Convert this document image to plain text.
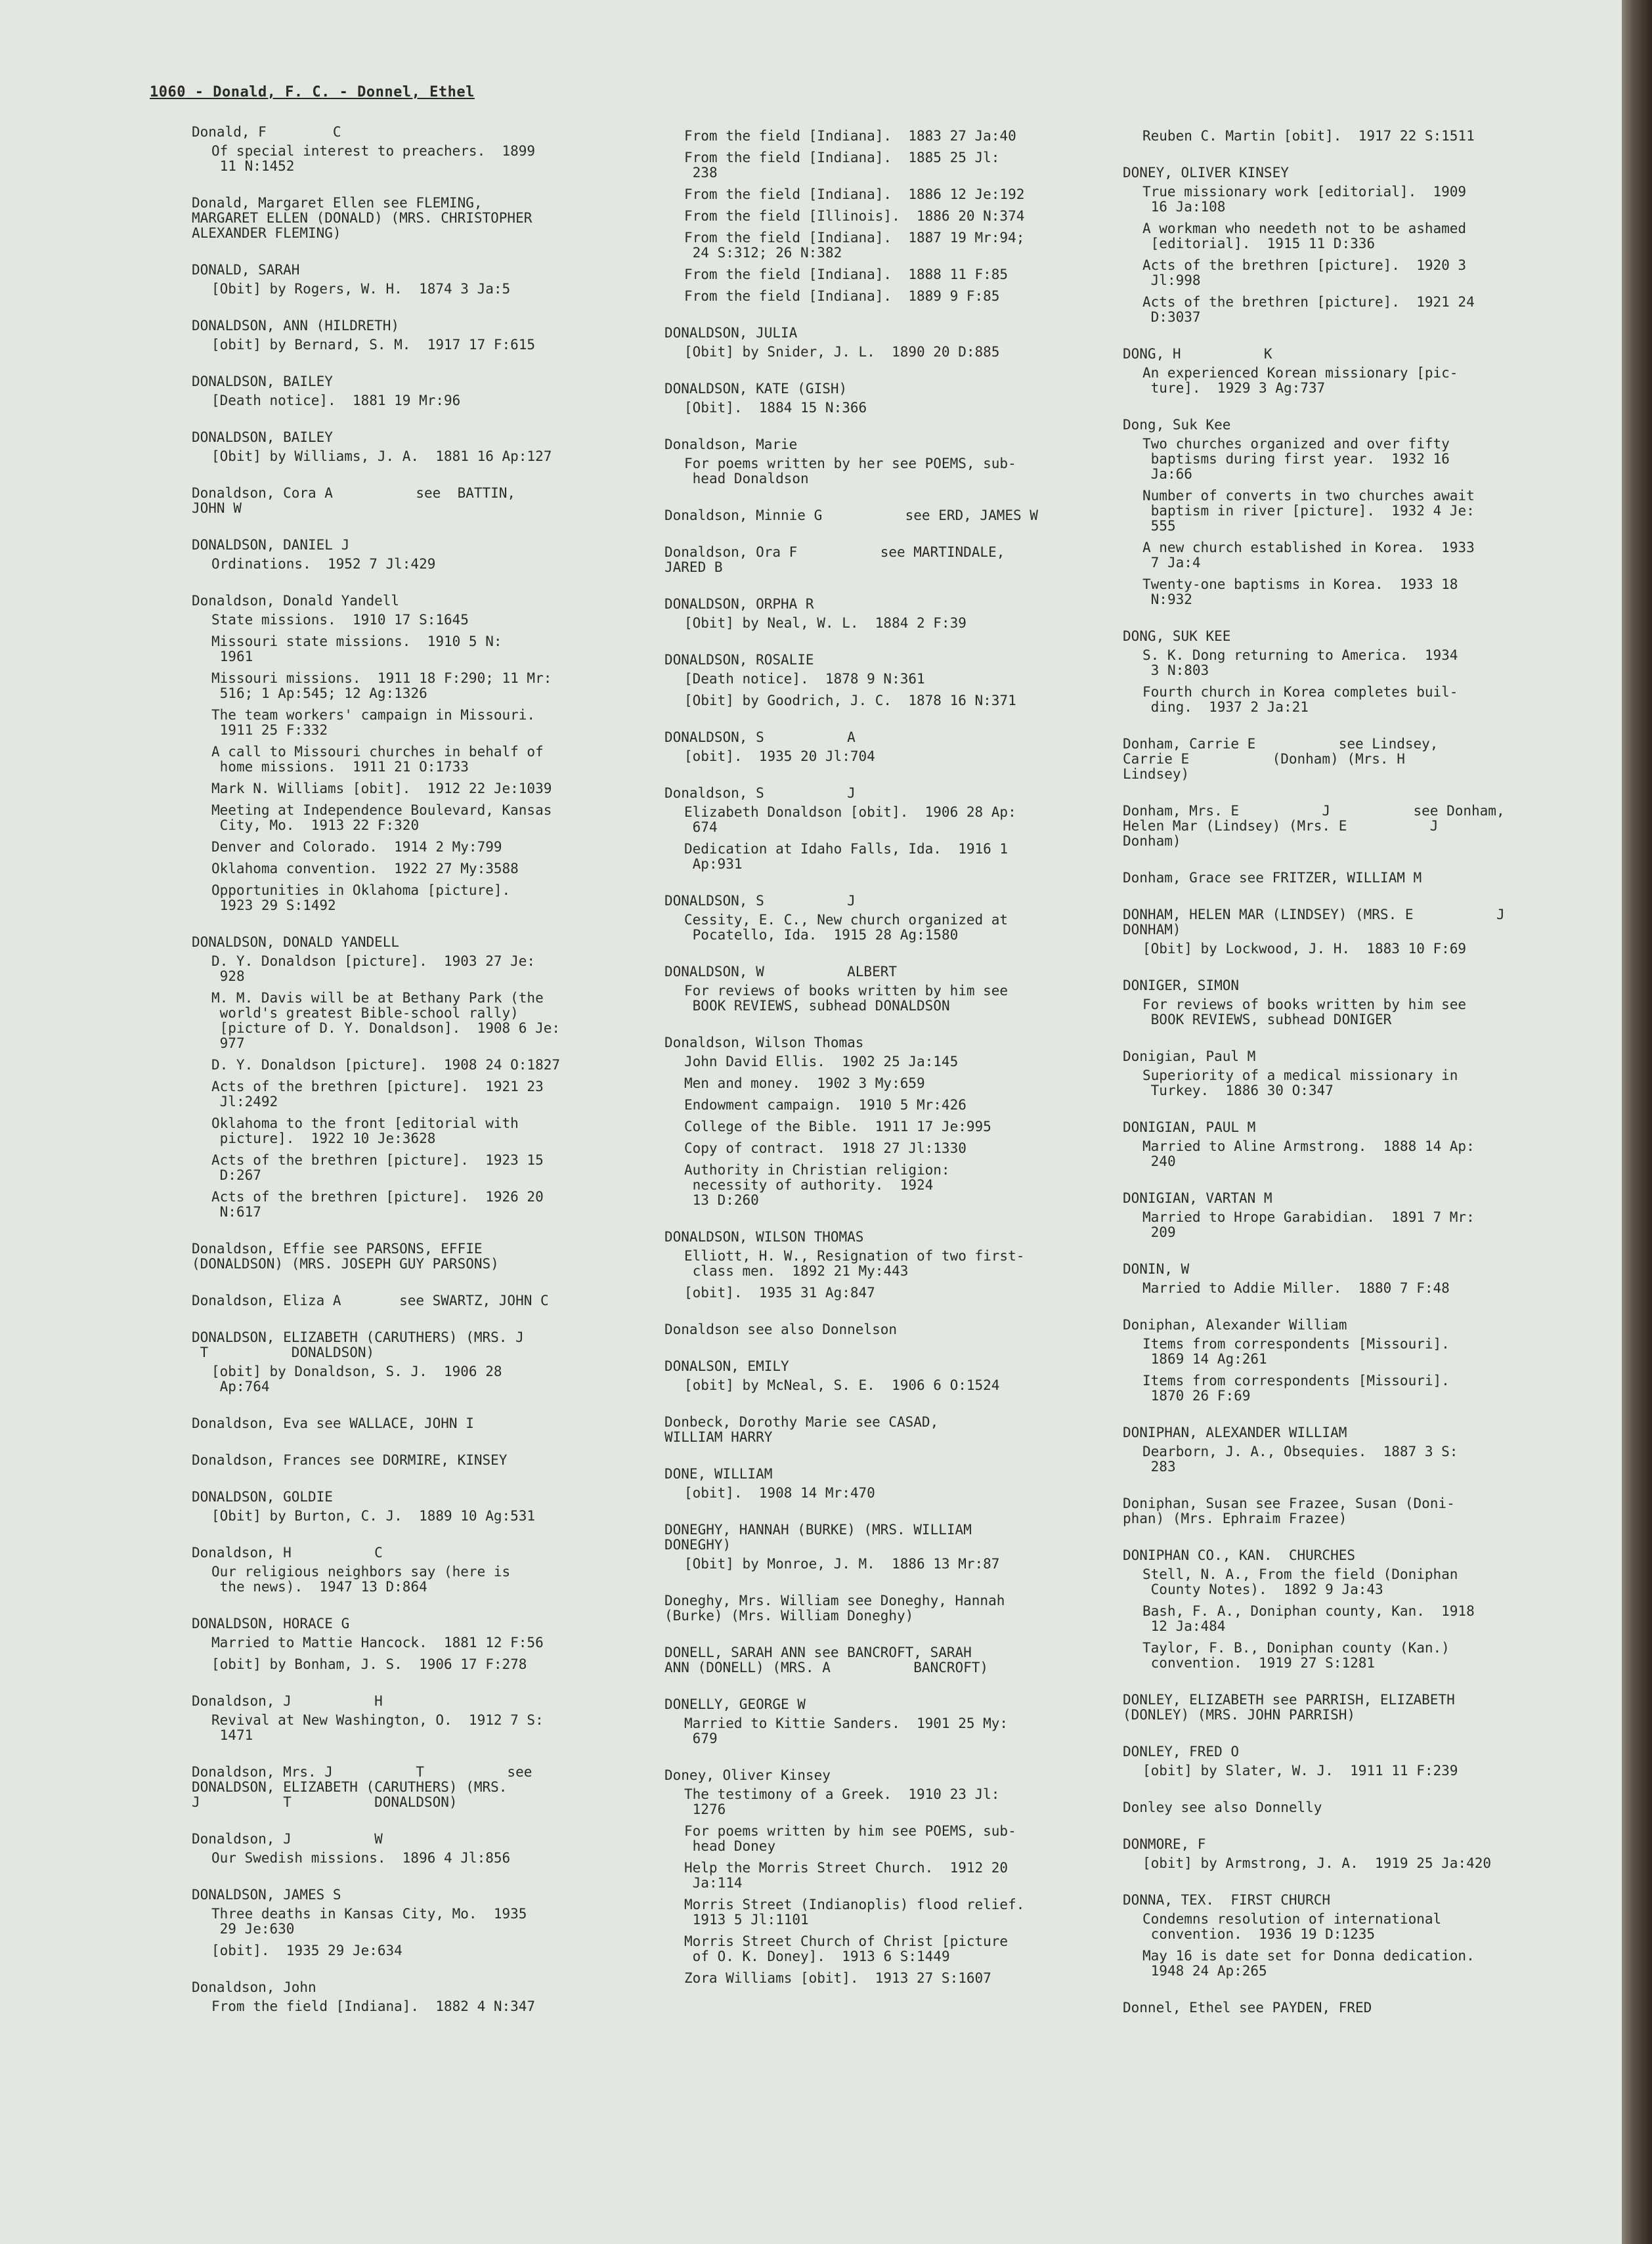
1060 - Donald, F. C. - Donnel, Ethel
Donald, F        C
Of special interest to preachers.  1899
11 N:1452
Donald, Margaret Ellen see FLEMING,
MARGARET ELLEN (DONALD) (MRS. CHRISTOPHER
ALEXANDER FLEMING)
DONALD, SARAH
[Obit] by Rogers, W. H.  1874 3 Ja:5
DONALDSON, ANN (HILDRETH)
[obit] by Bernard, S. M.  1917 17 F:615
DONALDSON, BAILEY
[Death notice].  1881 19 Mr:96
DONALDSON, BAILEY
[Obit] by Williams, J. A.  1881 16 Ap:127
Donaldson, Cora A          see  BATTIN,
JOHN W
DONALDSON, DANIEL J
Ordinations.  1952 7 Jl:429
Donaldson, Donald Yandell
State missions.  1910 17 S:1645
Missouri state missions.  1910 5 N:
1961
Missouri missions.  1911 18 F:290; 11 Mr:
516; 1 Ap:545; 12 Ag:1326
The team workers' campaign in Missouri.
1911 25 F:332
A call to Missouri churches in behalf of
home missions.  1911 21 O:1733
Mark N. Williams [obit].  1912 22 Je:1039
Meeting at Independence Boulevard, Kansas
City, Mo.  1913 22 F:320
Denver and Colorado.  1914 2 My:799
Oklahoma convention.  1922 27 My:3588
Opportunities in Oklahoma [picture].
1923 29 S:1492
DONALDSON, DONALD YANDELL
D. Y. Donaldson [picture].  1903 27 Je:
928
M. M. Davis will be at Bethany Park (the
world's greatest Bible-school rally)
[picture of D. Y. Donaldson].  1908 6 Je:
977
D. Y. Donaldson [picture].  1908 24 O:1827
Acts of the brethren [picture].  1921 23
Jl:2492
Oklahoma to the front [editorial with
picture].  1922 10 Je:3628
Acts of the brethren [picture].  1923 15
D:267
Acts of the brethren [picture].  1926 20
N:617
Donaldson, Effie see PARSONS, EFFIE
(DONALDSON) (MRS. JOSEPH GUY PARSONS)
Donaldson, Eliza A       see SWARTZ, JOHN C
DONALDSON, ELIZABETH (CARUTHERS) (MRS. J
T          DONALDSON)
[obit] by Donaldson, S. J.  1906 28
Ap:764
Donaldson, Eva see WALLACE, JOHN I
Donaldson, Frances see DORMIRE, KINSEY
DONALDSON, GOLDIE
[Obit] by Burton, C. J.  1889 10 Ag:531
Donaldson, H          C
Our religious neighbors say (here is
the news).  1947 13 D:864
DONALDSON, HORACE G
Married to Mattie Hancock.  1881 12 F:56
[obit] by Bonham, J. S.  1906 17 F:278
Donaldson, J          H
Revival at New Washington, O.  1912 7 S:
1471
Donaldson, Mrs. J          T          see
DONALDSON, ELIZABETH (CARUTHERS) (MRS.
J          T          DONALDSON)
Donaldson, J          W
Our Swedish missions.  1896 4 Jl:856
DONALDSON, JAMES S
Three deaths in Kansas City, Mo.  1935
29 Je:630
[obit].  1935 29 Je:634
Donaldson, John
From the field [Indiana].  1882 4 N:347
From the field [Indiana].  1883 27 Ja:40
From the field [Indiana].  1885 25 Jl:
238
From the field [Indiana].  1886 12 Je:192
From the field [Illinois].  1886 20 N:374
From the field [Indiana].  1887 19 Mr:94;
24 S:312; 26 N:382
From the field [Indiana].  1888 11 F:85
From the field [Indiana].  1889 9 F:85
DONALDSON, JULIA
[Obit] by Snider, J. L.  1890 20 D:885
DONALDSON, KATE (GISH)
[Obit].  1884 15 N:366
Donaldson, Marie
For poems written by her see POEMS, sub-
head Donaldson
Donaldson, Minnie G          see ERD, JAMES W
Donaldson, Ora F          see MARTINDALE,
JARED B
DONALDSON, ORPHA R
[Obit] by Neal, W. L.  1884 2 F:39
DONALDSON, ROSALIE
[Death notice].  1878 9 N:361
[Obit] by Goodrich, J. C.  1878 16 N:371
DONALDSON, S          A
[obit].  1935 20 Jl:704
Donaldson, S          J
Elizabeth Donaldson [obit].  1906 28 Ap:
674
Dedication at Idaho Falls, Ida.  1916 1
Ap:931
DONALDSON, S          J
Cessity, E. C., New church organized at
Pocatello, Ida.  1915 28 Ag:1580
DONALDSON, W          ALBERT
For reviews of books written by him see
BOOK REVIEWS, subhead DONALDSON
Donaldson, Wilson Thomas
John David Ellis.  1902 25 Ja:145
Men and money.  1902 3 My:659
Endowment campaign.  1910 5 Mr:426
College of the Bible.  1911 17 Je:995
Copy of contract.  1918 27 Jl:1330
Authority in Christian religion:
necessity of authority.  1924
13 D:260
DONALDSON, WILSON THOMAS
Elliott, H. W., Resignation of two first-
class men.  1892 21 My:443
[obit].  1935 31 Ag:847
Donaldson see also Donnelson
DONALSON, EMILY
[obit] by McNeal, S. E.  1906 6 O:1524
Donbeck, Dorothy Marie see CASAD,
WILLIAM HARRY
DONE, WILLIAM
[obit].  1908 14 Mr:470
DONEGHY, HANNAH (BURKE) (MRS. WILLIAM
DONEGHY)
[Obit] by Monroe, J. M.  1886 13 Mr:87
Doneghy, Mrs. William see Doneghy, Hannah
(Burke) (Mrs. William Doneghy)
DONELL, SARAH ANN see BANCROFT, SARAH
ANN (DONELL) (MRS. A          BANCROFT)
DONELLY, GEORGE W
Married to Kittie Sanders.  1901 25 My:
679
Doney, Oliver Kinsey
The testimony of a Greek.  1910 23 Jl:
1276
For poems written by him see POEMS, sub-
head Doney
Help the Morris Street Church.  1912 20
Ja:114
Morris Street (Indianoplis) flood relief.
1913 5 Jl:1101
Morris Street Church of Christ [picture
of O. K. Doney].  1913 6 S:1449
Zora Williams [obit].  1913 27 S:1607
Reuben C. Martin [obit].  1917 22 S:1511
DONEY, OLIVER KINSEY
True missionary work [editorial].  1909
16 Ja:108
A workman who needeth not to be ashamed
[editorial].  1915 11 D:336
Acts of the brethren [picture].  1920 3
Jl:998
Acts of the brethren [picture].  1921 24
D:3037
DONG, H          K
An experienced Korean missionary [pic-
ture].  1929 3 Ag:737
Dong, Suk Kee
Two churches organized and over fifty
baptisms during first year.  1932 16
Ja:66
Number of converts in two churches await
baptism in river [picture].  1932 4 Je:
555
A new church established in Korea.  1933
7 Ja:4
Twenty-one baptisms in Korea.  1933 18
N:932
DONG, SUK KEE
S. K. Dong returning to America.  1934
3 N:803
Fourth church in Korea completes buil-
ding.  1937 2 Ja:21
Donham, Carrie E          see Lindsey,
Carrie E          (Donham) (Mrs. H
Lindsey)
Donham, Mrs. E          J          see Donham,
Helen Mar (Lindsey) (Mrs. E          J
Donham)
Donham, Grace see FRITZER, WILLIAM M
DONHAM, HELEN MAR (LINDSEY) (MRS. E          J
DONHAM)
[Obit] by Lockwood, J. H.  1883 10 F:69
DONIGER, SIMON
For reviews of books written by him see
BOOK REVIEWS, subhead DONIGER
Donigian, Paul M
Superiority of a medical missionary in
Turkey.  1886 30 O:347
DONIGIAN, PAUL M
Married to Aline Armstrong.  1888 14 Ap:
240
DONIGIAN, VARTAN M
Married to Hrope Garabidian.  1891 7 Mr:
209
DONIN, W
Married to Addie Miller.  1880 7 F:48
Doniphan, Alexander William
Items from correspondents [Missouri].
1869 14 Ag:261
Items from correspondents [Missouri].
1870 26 F:69
DONIPHAN, ALEXANDER WILLIAM
Dearborn, J. A., Obsequies.  1887 3 S:
283
Doniphan, Susan see Frazee, Susan (Doni-
phan) (Mrs. Ephraim Frazee)
DONIPHAN CO., KAN.  CHURCHES
Stell, N. A., From the field (Doniphan
County Notes).  1892 9 Ja:43
Bash, F. A., Doniphan county, Kan.  1918
12 Ja:484
Taylor, F. B., Doniphan county (Kan.)
convention.  1919 27 S:1281
DONLEY, ELIZABETH see PARRISH, ELIZABETH
(DONLEY) (MRS. JOHN PARRISH)
DONLEY, FRED O
[obit] by Slater, W. J.  1911 11 F:239
Donley see also Donnelly
DONMORE, F
[obit] by Armstrong, J. A.  1919 25 Ja:420
DONNA, TEX.  FIRST CHURCH
Condemns resolution of international
convention.  1936 19 D:1235
May 16 is date set for Donna dedication.
1948 24 Ap:265
Donnel, Ethel see PAYDEN, FRED
